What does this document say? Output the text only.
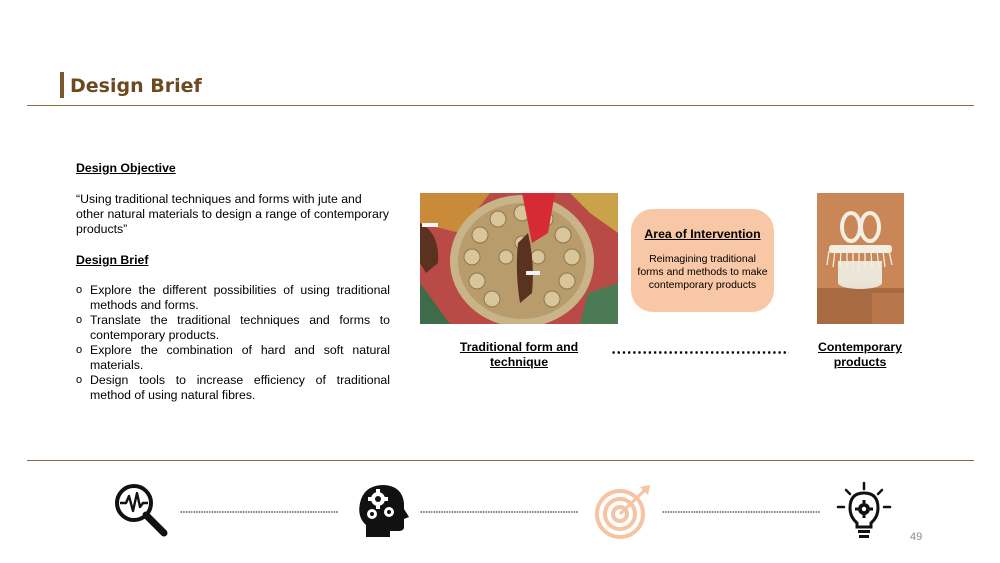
Design Brief

Design Objective

“Using traditional techniques and forms with jute and other natural materials to design a range of contemporary products”

Design Brief

o Explore the different possibilities of using traditional methods and forms.
o Translate the traditional techniques and forms to contemporary products.
o Explore the combination of hard and soft natural materials.
o Design tools to increase efficiency of traditional method of using natural fibres.
Area of Intervention
Reimagining traditional forms and methods to make contemporary products
Traditional form and technique
Contemporary products
49
